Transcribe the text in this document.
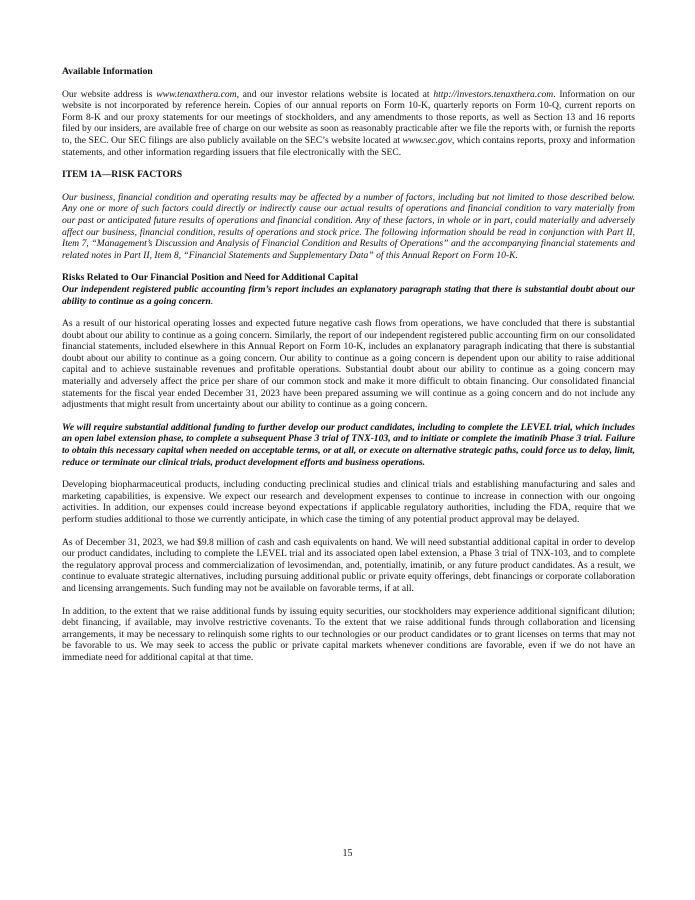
Available Information
Our website address is www.tenaxthera.com, and our investor relations website is located at http://investors.tenaxthera.com. Information on our website is not incorporated by reference herein. Copies of our annual reports on Form 10-K, quarterly reports on Form 10-Q, current reports on Form 8-K and our proxy statements for our meetings of stockholders, and any amendments to those reports, as well as Section 13 and 16 reports filed by our insiders, are available free of charge on our website as soon as reasonably practicable after we file the reports with, or furnish the reports to, the SEC. Our SEC filings are also publicly available on the SEC’s website located at www.sec.gov, which contains reports, proxy and information statements, and other information regarding issuers that file electronically with the SEC.
ITEM 1A—RISK FACTORS
Our business, financial condition and operating results may be affected by a number of factors, including but not limited to those described below. Any one or more of such factors could directly or indirectly cause our actual results of operations and financial condition to vary materially from our past or anticipated future results of operations and financial condition. Any of these factors, in whole or in part, could materially and adversely affect our business, financial condition, results of operations and stock price. The following information should be read in conjunction with Part II, Item 7, “Management’s Discussion and Analysis of Financial Condition and Results of Operations” and the accompanying financial statements and related notes in Part II, Item 8, “Financial Statements and Supplementary Data” of this Annual Report on Form 10-K.
Risks Related to Our Financial Position and Need for Additional Capital
Our independent registered public accounting firm’s report includes an explanatory paragraph stating that there is substantial doubt about our ability to continue as a going concern.
As a result of our historical operating losses and expected future negative cash flows from operations, we have concluded that there is substantial doubt about our ability to continue as a going concern. Similarly, the report of our independent registered public accounting firm on our consolidated financial statements, included elsewhere in this Annual Report on Form 10-K, includes an explanatory paragraph indicating that there is substantial doubt about our ability to continue as a going concern. Our ability to continue as a going concern is dependent upon our ability to raise additional capital and to achieve sustainable revenues and profitable operations. Substantial doubt about our ability to continue as a going concern may materially and adversely affect the price per share of our common stock and make it more difficult to obtain financing. Our consolidated financial statements for the fiscal year ended December 31, 2023 have been prepared assuming we will continue as a going concern and do not include any adjustments that might result from uncertainty about our ability to continue as a going concern.
We will require substantial additional funding to further develop our product candidates, including to complete the LEVEL trial, which includes an open label extension phase, to complete a subsequent Phase 3 trial of TNX-103, and to initiate or complete the imatinib Phase 3 trial. Failure to obtain this necessary capital when needed on acceptable terms, or at all, or execute on alternative strategic paths, could force us to delay, limit, reduce or terminate our clinical trials, product development efforts and business operations.
Developing biopharmaceutical products, including conducting preclinical studies and clinical trials and establishing manufacturing and sales and marketing capabilities, is expensive. We expect our research and development expenses to continue to increase in connection with our ongoing activities. In addition, our expenses could increase beyond expectations if applicable regulatory authorities, including the FDA, require that we perform studies additional to those we currently anticipate, in which case the timing of any potential product approval may be delayed.
As of December 31, 2023, we had $9.8 million of cash and cash equivalents on hand. We will need substantial additional capital in order to develop our product candidates, including to complete the LEVEL trial and its associated open label extension, a Phase 3 trial of TNX-103, and to complete the regulatory approval process and commercialization of levosimendan, and, potentially, imatinib, or any future product candidates. As a result, we continue to evaluate strategic alternatives, including pursuing additional public or private equity offerings, debt financings or corporate collaboration and licensing arrangements. Such funding may not be available on favorable terms, if at all.
In addition, to the extent that we raise additional funds by issuing equity securities, our stockholders may experience additional significant dilution; debt financing, if available, may involve restrictive covenants. To the extent that we raise additional funds through collaboration and licensing arrangements, it may be necessary to relinquish some rights to our technologies or our product candidates or to grant licenses on terms that may not be favorable to us. We may seek to access the public or private capital markets whenever conditions are favorable, even if we do not have an immediate need for additional capital at that time.
15
